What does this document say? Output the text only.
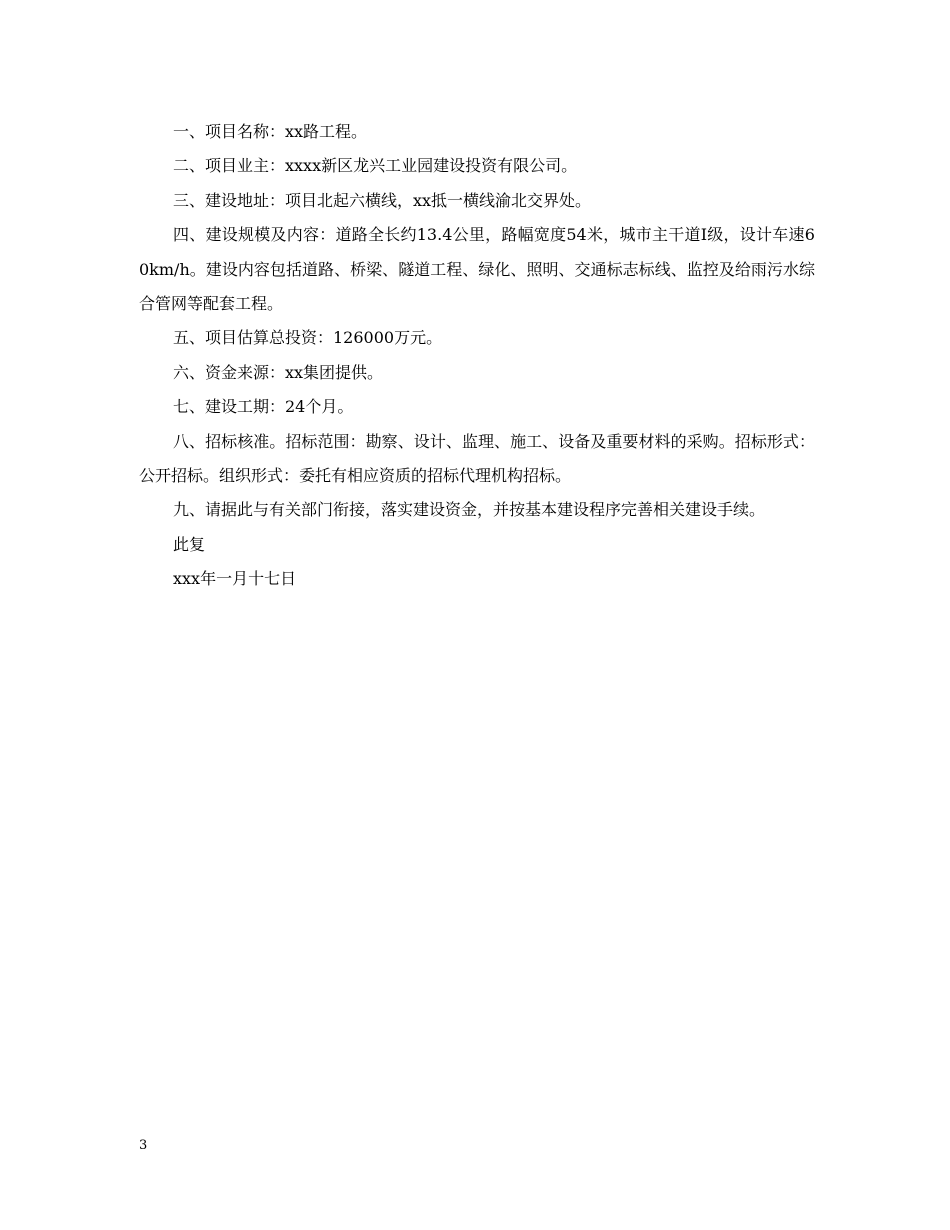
一、项目名称：xx路工程。

二、项目业主：xxxx新区龙兴工业园建设投资有限公司。

三、建设地址：项目北起六横线，xx抵一横线渝北交界处。

四、建设规模及内容：道路全长约13.4公里，路幅宽度54米，城市主干道Ⅰ级，设计车速60km/h。建设内容包括道路、桥梁、隧道工程、绿化、照明、交通标志标线、监控及给雨污水综合管网等配套工程。

五、项目估算总投资：126000万元。

六、资金来源：xx集团提供。

七、建设工期：24个月。

八、招标核准。招标范围：勘察、设计、监理、施工、设备及重要材料的采购。招标形式：公开招标。组织形式：委托有相应资质的招标代理机构招标。

九、请据此与有关部门衔接，落实建设资金，并按基本建设程序完善相关建设手续。

此复

xxx年一月十七日

3
